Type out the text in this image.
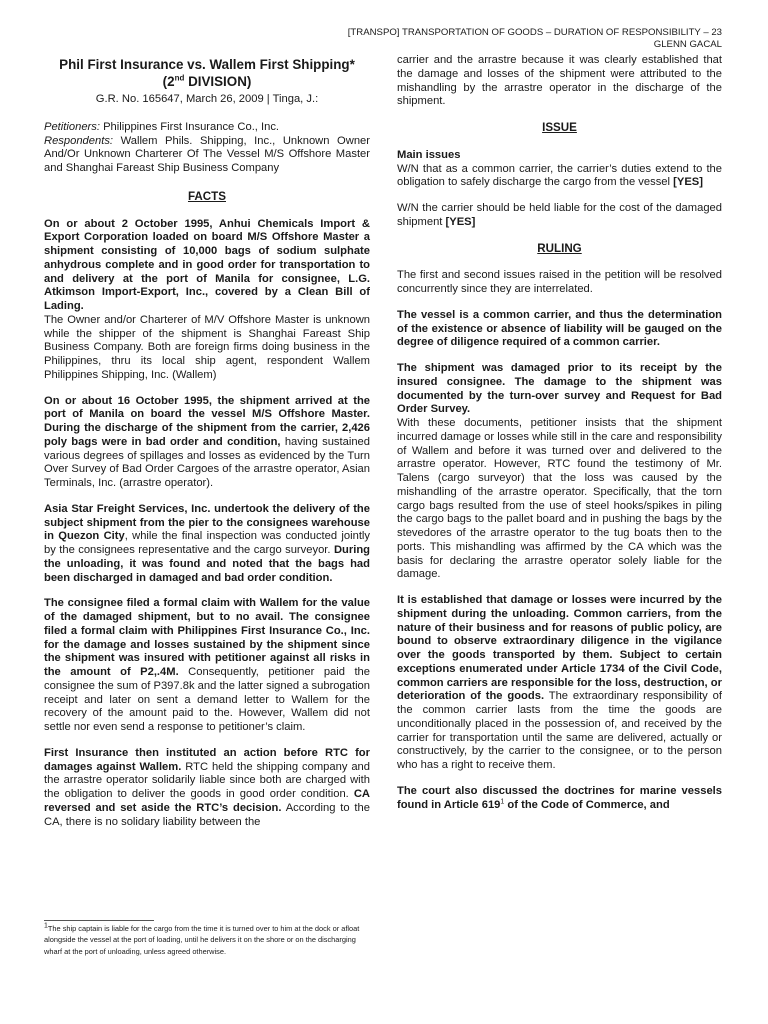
[TRANSPO] TRANSPORTATION OF GOODS – DURATION OF RESPONSIBILITY – 23
GLENN GACAL

Phil First Insurance vs. Wallem First Shipping*

(2nd DIVISION)

G.R. No. 165647, March 26, 2009 | Tinga, J.:

Petitioners: Philippines First Insurance Co., Inc.
Respondents: Wallem Phils. Shipping, Inc., Unknown Owner And/Or Unknown Charterer Of The Vessel M/S Offshore Master and Shanghai Fareast Ship Business Company
FACTS

On or about 2 October 1995, Anhui Chemicals Import & Export Corporation loaded on board M/S Offshore Master a shipment consisting of 10,000 bags of sodium sulphate anhydrous complete and in good order for transportation to and delivery at the port of Manila for consignee, L.G. Atkimson Import-Export, Inc., covered by a Clean Bill of Lading.

The Owner and/or Charterer of M/V Offshore Master is unknown while the shipper of the shipment is Shanghai Fareast Ship Business Company. Both are foreign firms doing business in the Philippines, thru its local ship agent, respondent Wallem Philippines Shipping, Inc. (Wallem)

On or about 16 October 1995, the shipment arrived at the port of Manila on board the vessel M/S Offshore Master. During the discharge of the shipment from the carrier, 2,426 poly bags were in bad order and condition, having sustained various degrees of spillages and losses as evidenced by the Turn Over Survey of Bad Order Cargoes of the arrastre operator, Asian Terminals, Inc. (arrastre operator).

Asia Star Freight Services, Inc. undertook the delivery of the subject shipment from the pier to the consignees warehouse in Quezon City, while the final inspection was conducted jointly by the consignees representative and the cargo surveyor. During the unloading, it was found and noted that the bags had been discharged in damaged and bad order condition.

The consignee filed a formal claim with Wallem for the value of the damaged shipment, but to no avail. The consignee filed a formal claim with Philippines First Insurance Co., Inc. for the damage and losses sustained by the shipment since the shipment was insured with petitioner against all risks in the amount of P2,.4M. Consequently, petitioner paid the consignee the sum of P397.8k and the latter signed a subrogation receipt and later on sent a demand letter to Wallem for the recovery of the amount paid to the. However, Wallem did not settle nor even send a response to petitioner’s claim.

First Insurance then instituted an action before RTC for damages against Wallem. RTC held the shipping company and the arrastre operator solidarily liable since both are charged with the obligation to deliver the goods in good order condition. CA reversed and set aside the RTC’s decision. According to the CA, there is no solidary liability between the

$^1$The ship captain is liable for the cargo from the time it is turned over to him at the dock or afloat alongside the vessel at the port of loading, until he delivers it on the shore or on the discharging wharf at the port of unloading, unless agreed otherwise.

carrier and the arrastre because it was clearly established that the damage and losses of the shipment were attributed to the mishandling by the arrastre operator in the discharge of the shipment.

ISSUE
Main issues

W/N that as a common carrier, the carrier’s duties extend to the obligation to safely discharge the cargo from the vessel [YES]

W/N the carrier should be held liable for the cost of the damaged shipment [YES]

RULING

The first and second issues raised in the petition will be resolved concurrently since they are interrelated.

The vessel is a common carrier, and thus the determination of the existence or absence of liability will be gauged on the degree of diligence required of a common carrier.

The shipment was damaged prior to its receipt by the insured consignee. The damage to the shipment was documented by the turn-over survey and Request for Bad Order Survey.

With these documents, petitioner insists that the shipment incurred damage or losses while still in the care and responsibility of Wallem and before it was turned over and delivered to the arrastre operator. However, RTC found the testimony of Mr. Talens (cargo surveyor) that the loss was caused by the mishandling of the arrastre operator. Specifically, that the torn cargo bags resulted from the use of steel hooks/spikes in piling the cargo bags to the pallet board and in pushing the bags by the stevedores of the arrastre operator to the tug boats then to the ports. This mishandling was affirmed by the CA which was the basis for declaring the arrastre operator solely liable for the damage.

It is established that damage or losses were incurred by the shipment during the unloading. Common carriers, from the nature of their business and for reasons of public policy, are bound to observe extraordinary diligence in the vigilance over the goods transported by them. Subject to certain exceptions enumerated under Article 1734 of the Civil Code, common carriers are responsible for the loss, destruction, or deterioration of the goods. The extraordinary responsibility of the common carrier lasts from the time the goods are unconditionally placed in the possession of, and received by the carrier for transportation until the same are delivered, actually or constructively, by the carrier to the consignee, or to the person who has a right to receive them.

The court also discussed the doctrines for marine vessels found in Article $619^1$ of the Code of Commerce, and
